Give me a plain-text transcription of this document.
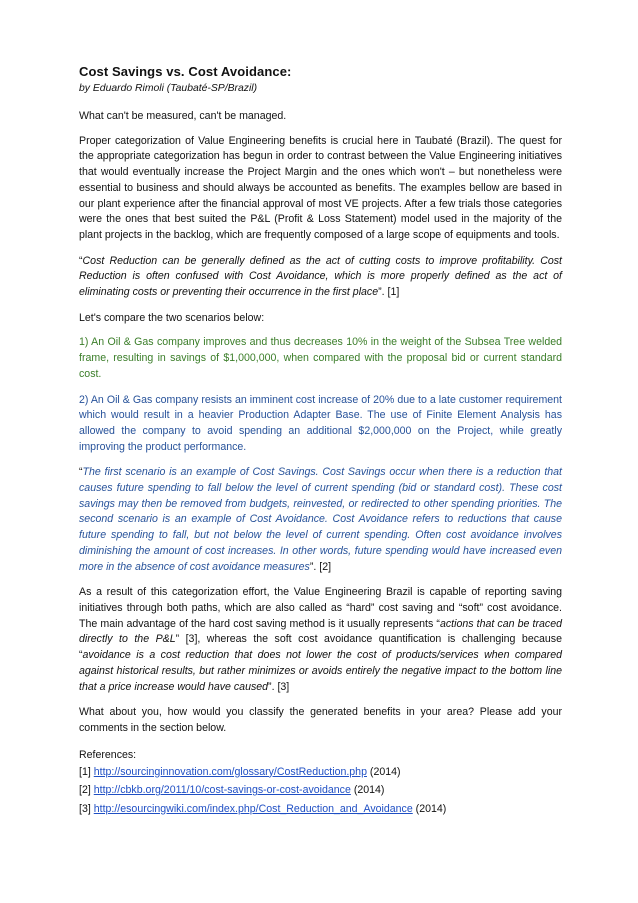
Cost Savings vs. Cost Avoidance:
by Eduardo Rimoli (Taubaté-SP/Brazil)

What can't be measured, can't be managed.

Proper categorization of Value Engineering benefits is crucial here in Taubaté (Brazil). The quest for the appropriate categorization has begun in order to contrast between the Value Engineering initiatives that would eventually increase the Project Margin and the ones which won't – but nonetheless were essential to business and should always be accounted as benefits. The examples bellow are based in our plant experience after the financial approval of most VE projects. After a few trials those categories were the ones that best suited the P&L (Profit & Loss Statement) model used in the majority of the plant projects in the backlog, which are frequently composed of a large scope of equipments and tools.

“Cost Reduction can be generally defined as the act of cutting costs to improve profitability. Cost Reduction is often confused with Cost Avoidance, which is more properly defined as the act of eliminating costs or preventing their occurrence in the first place”. [1]

Let's compare the two scenarios below:

1) An Oil & Gas company improves and thus decreases 10% in the weight of the Subsea Tree welded frame, resulting in savings of $1,000,000, when compared with the proposal bid or current standard cost.

2) An Oil & Gas company resists an imminent cost increase of 20% due to a late customer requirement which would result in a heavier Production Adapter Base. The use of Finite Element Analysis has allowed the company to avoid spending an additional $2,000,000 on the Project, while greatly improving the product performance.

“The first scenario is an example of Cost Savings. Cost Savings occur when there is a reduction that causes future spending to fall below the level of current spending (bid or standard cost). These cost savings may then be removed from budgets, reinvested, or redirected to other spending priorities. The second scenario is an example of Cost Avoidance. Cost Avoidance refers to reductions that cause future spending to fall, but not below the level of current spending. Often cost avoidance involves diminishing the amount of cost increases. In other words, future spending would have increased even more in the absence of cost avoidance measures”. [2]

As a result of this categorization effort, the Value Engineering Brazil is capable of reporting saving initiatives through both paths, which are also called as “hard” cost saving and “soft” cost avoidance. The main advantage of the hard cost saving method is it usually represents “actions that can be traced directly to the P&L” [3], whereas the soft cost avoidance quantification is challenging because “avoidance is a cost reduction that does not lower the cost of products/services when compared against historical results, but rather minimizes or avoids entirely the negative impact to the bottom line that a price increase would have caused”. [3]

What about you, how would you classify the generated benefits in your area? Please add your comments in the section below.

References:

[1] http://sourcinginnovation.com/glossary/CostReduction.php (2014)

[2] http://cbkb.org/2011/10/cost-savings-or-cost-avoidance (2014)

[3] http://esourcingwiki.com/index.php/Cost_Reduction_and_Avoidance (2014)
